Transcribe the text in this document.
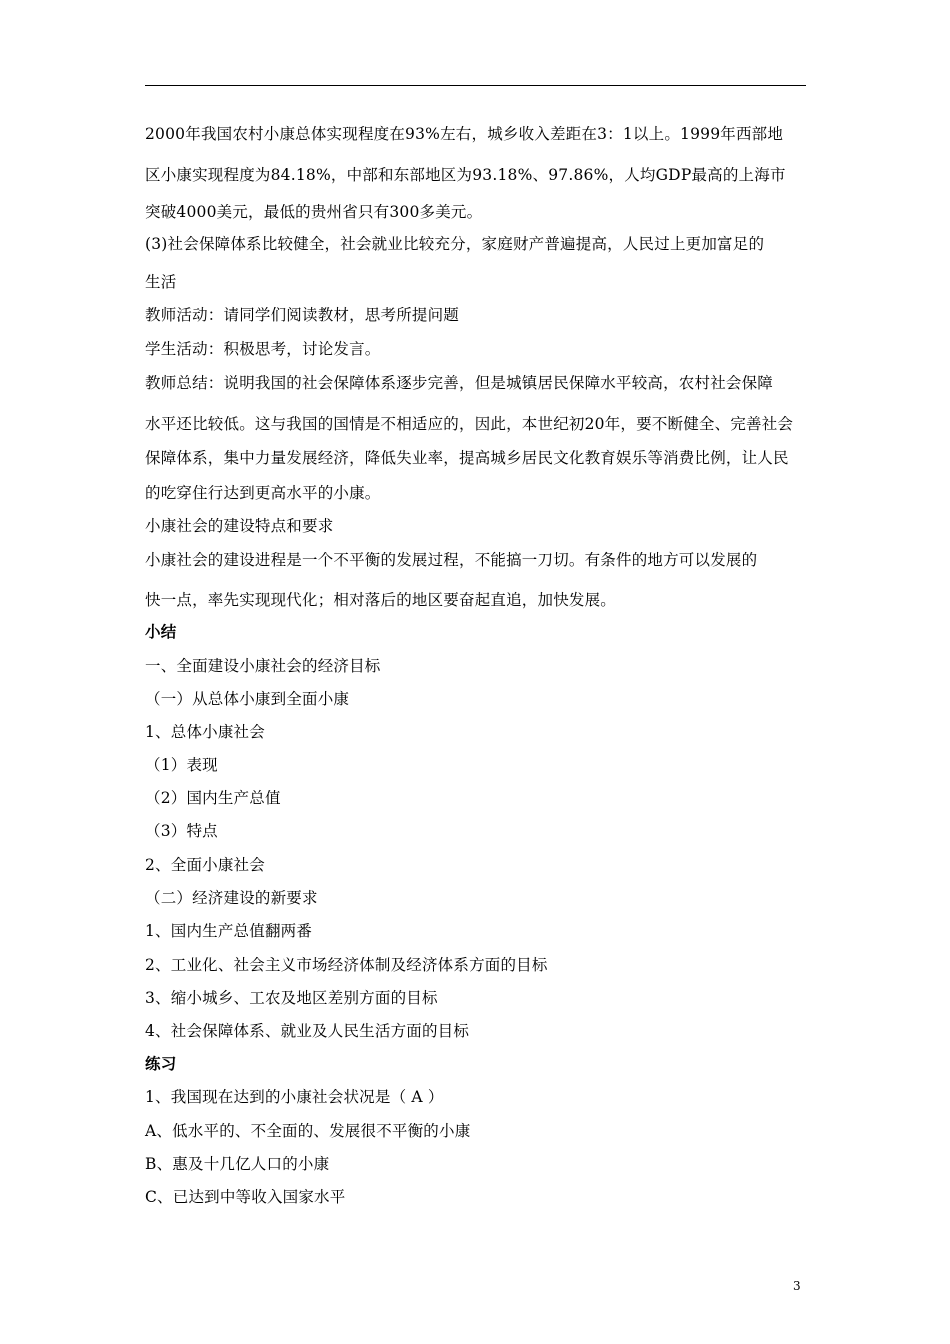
2000年我国农村小康总体实现程度在93%左右，城乡收入差距在3：1以上。1999年西部地
区小康实现程度为84.18%，中部和东部地区为93.18%、97.86%，人均GDP最高的上海市
突破4000美元，最低的贵州省只有300多美元。
(3)社会保障体系比较健全，社会就业比较充分，家庭财产普遍提高，人民过上更加富足的
生活
教师活动：请同学们阅读教材，思考所提问题
学生活动：积极思考，讨论发言。
教师总结：说明我国的社会保障体系逐步完善，但是城镇居民保障水平较高，农村社会保障
水平还比较低。这与我国的国情是不相适应的，因此，本世纪初20年，要不断健全、完善社会
保障体系，集中力量发展经济，降低失业率，提高城乡居民文化教育娱乐等消费比例，让人民
的吃穿住行达到更高水平的小康。
小康社会的建设特点和要求
小康社会的建设进程是一个不平衡的发展过程，不能搞一刀切。有条件的地方可以发展的
快一点，率先实现现代化；相对落后的地区要奋起直追，加快发展。
小结
一、全面建设小康社会的经济目标
（一）从总体小康到全面小康
1、总体小康社会
（1）表现
（2）国内生产总值
（3）特点
2、全面小康社会
（二）经济建设的新要求
1、国内生产总值翻两番
2、工业化、社会主义市场经济体制及经济体系方面的目标
3、缩小城乡、工农及地区差别方面的目标
4、社会保障体系、就业及人民生活方面的目标
练习
1、我国现在达到的小康社会状况是（ A ）
A、低水平的、不全面的、发展很不平衡的小康
B、惠及十几亿人口的小康
C、已达到中等收入国家水平
3
